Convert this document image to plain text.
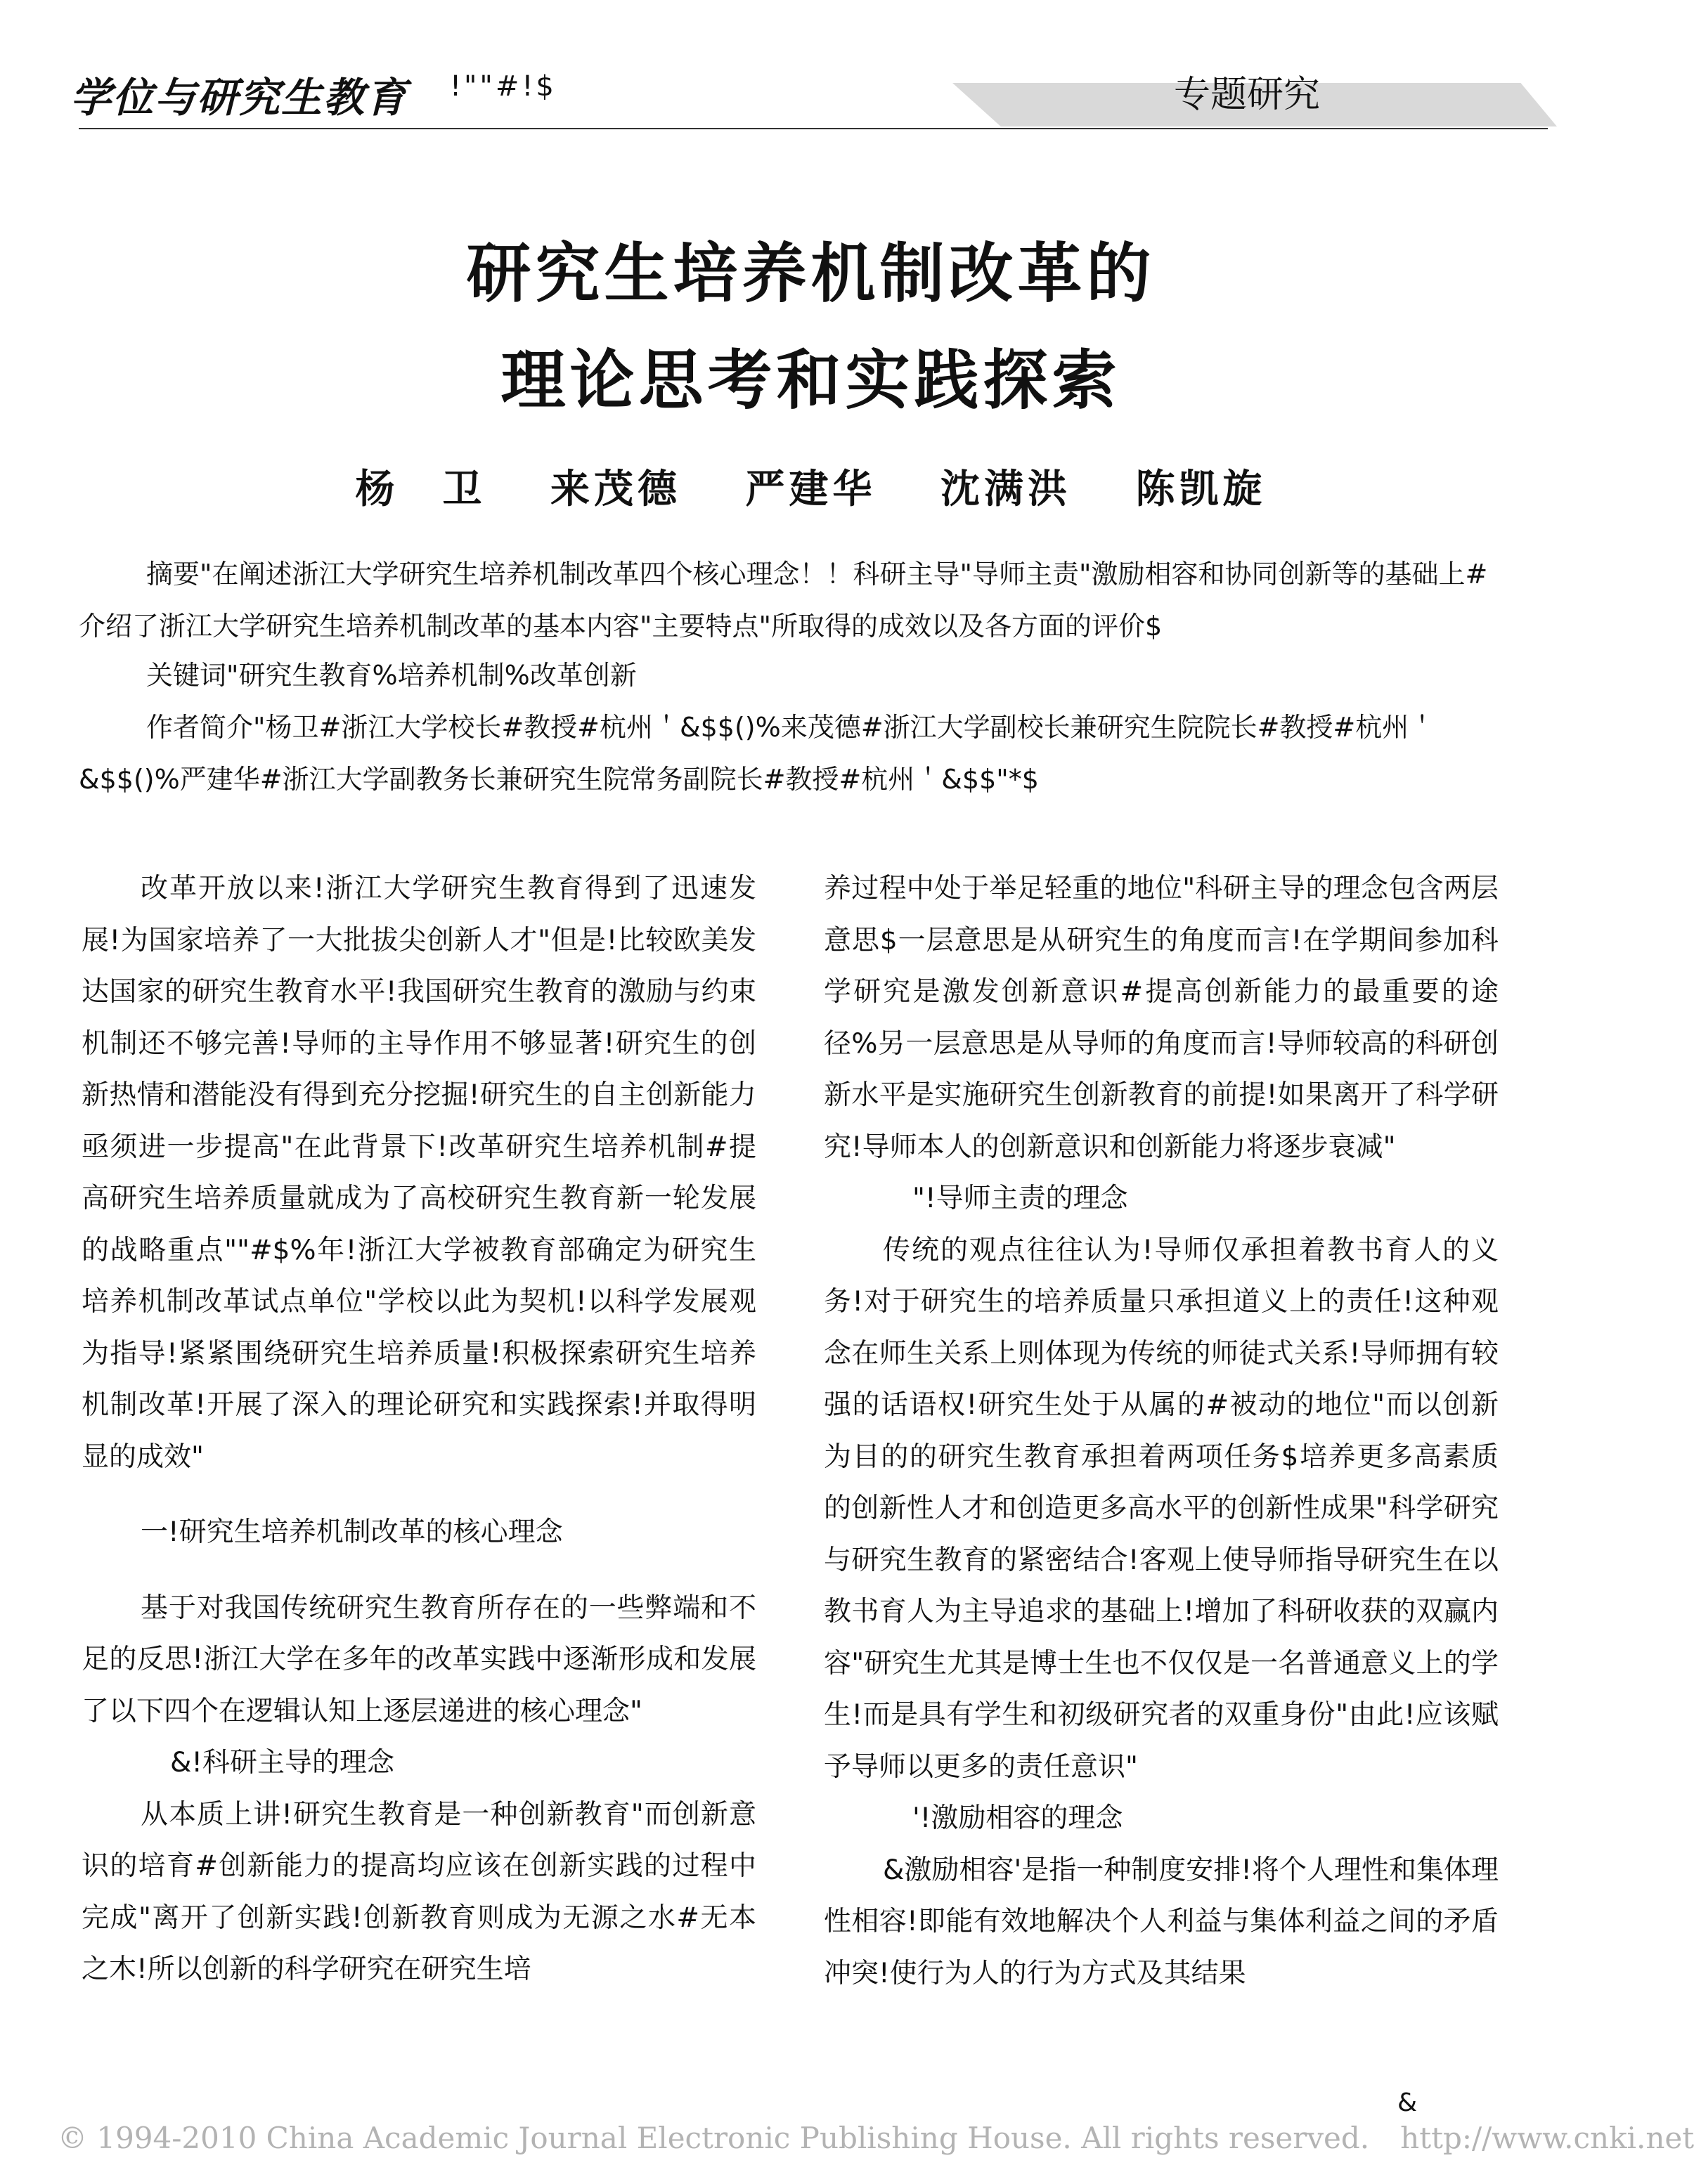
学位与研究生教育 !""#!$	专题研究
研究生培养机制改革的
理论思考和实践探索
杨　卫 来茂德 严建华 沈满洪 陈凯旋
摘要"在阐述浙江大学研究生培养机制改革四个核心理念！！科研主导"导师主责"激励相容和协同创新等的基础上#介绍了浙江大学研究生培养机制改革的基本内容"主要特点"所取得的成效以及各方面的评价$
关键词"研究生教育%培养机制%改革创新
作者简介"杨卫#浙江大学校长#教授#杭州＇&$$()%来茂德#浙江大学副校长兼研究生院院长#教授#杭州＇&$$()%严建华#浙江大学副教务长兼研究生院常务副院长#教授#杭州＇&$$"*$

改革开放以来!浙江大学研究生教育得到了迅速发展!为国家培养了一大批拔尖创新人才"但是!比较欧美发达国家的研究生教育水平!我国研究生教育的激励与约束机制还不够完善!导师的主导作用不够显著!研究生的创新热情和潜能没有得到充分挖掘!研究生的自主创新能力亟须进一步提高"在此背景下!改革研究生培养机制#提高研究生培养质量就成为了高校研究生教育新一轮发展的战略重点""#$%年!浙江大学被教育部确定为研究生培养机制改革试点单位"学校以此为契机!以科学发展观为指导!紧紧围绕研究生培养质量!积极探索研究生培养机制改革!开展了深入的理论研究和实践探索!并取得明显的成效"

一!研究生培养机制改革的核心理念

基于对我国传统研究生教育所存在的一些弊端和不足的反思!浙江大学在多年的改革实践中逐渐形成和发展了以下四个在逻辑认知上逐层递进的核心理念"

&!科研主导的理念

从本质上讲!研究生教育是一种创新教育"而创新意识的培育#创新能力的提高均应该在创新实践的过程中完成"离开了创新实践!创新教育则成为无源之水#无本之木!所以创新的科学研究在研究生培

养过程中处于举足轻重的地位"科研主导的理念包含两层意思$一层意思是从研究生的角度而言!在学期间参加科学研究是激发创新意识#提高创新能力的最重要的途径%另一层意思是从导师的角度而言!导师较高的科研创新水平是实施研究生创新教育的前提!如果离开了科学研究!导师本人的创新意识和创新能力将逐步衰减"

"!导师主责的理念

传统的观点往往认为!导师仅承担着教书育人的义务!对于研究生的培养质量只承担道义上的责任!这种观念在师生关系上则体现为传统的师徒式关系!导师拥有较强的话语权!研究生处于从属的#被动的地位"而以创新为目的的研究生教育承担着两项任务$培养更多高素质的创新性人才和创造更多高水平的创新性成果"科学研究与研究生教育的紧密结合!客观上使导师指导研究生在以教书育人为主导追求的基础上!增加了科研收获的双赢内容"研究生尤其是博士生也不仅仅是一名普通意义上的学生!而是具有学生和初级研究者的双重身份"由此!应该赋予导师以更多的责任意识"

'!激励相容的理念

&激励相容'是指一种制度安排!将个人理性和集体理性相容!即能有效地解决个人利益与集体利益之间的矛盾冲突!使行为人的行为方式及其结果

&
© 1994-2010 China Academic Journal Electronic Publishing House. All rights reserved. http://www.cnki.net
